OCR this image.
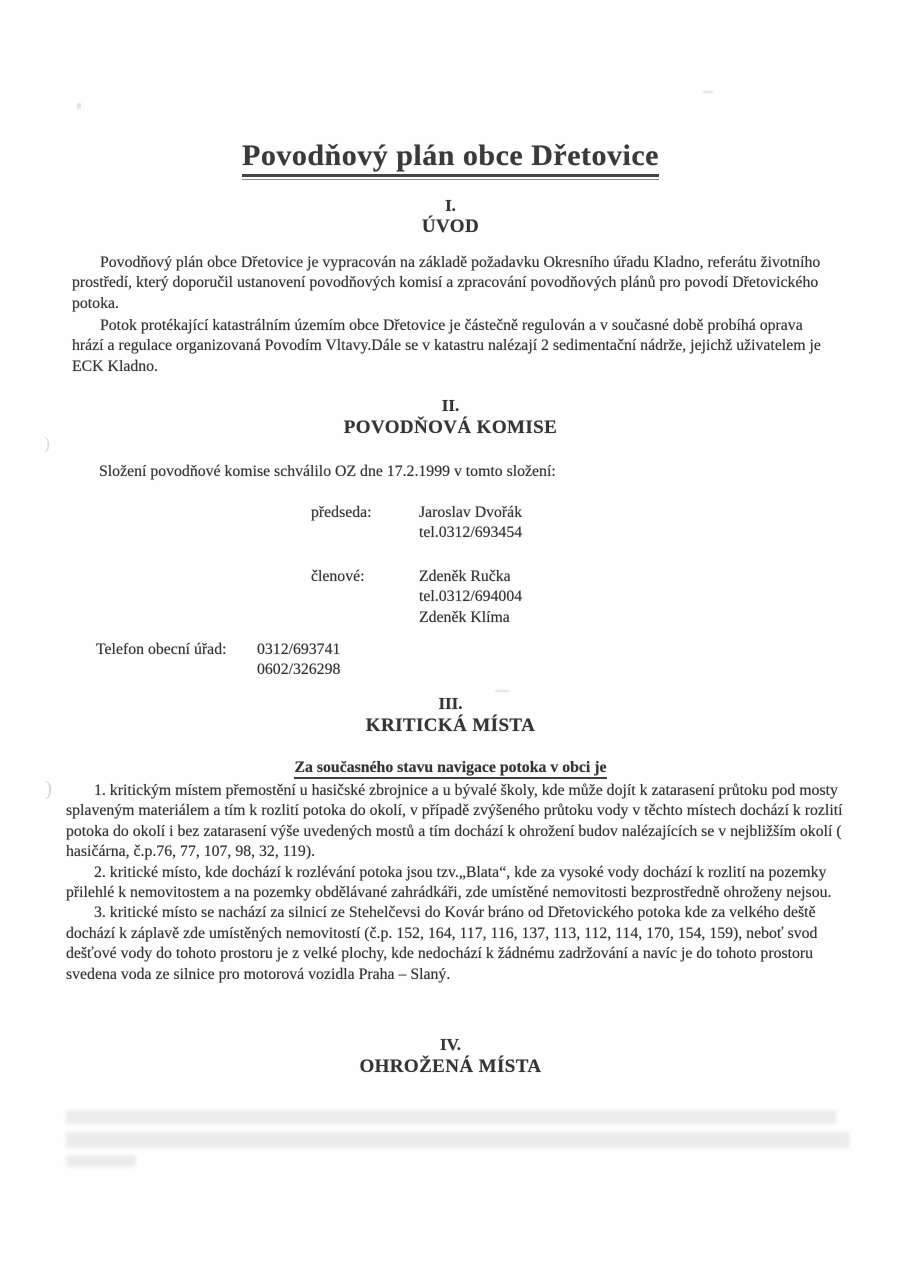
)
)
Povodňový plán obce Dřetovice
I.
ÚVOD

Povodňový plán obce Dřetovice je vypracován na základě požadavku Okresního úřadu Kladno, referátu životního prostředí, který doporučil ustanovení povodňových komisí a zpracování povodňových plánů pro povodí Dřetovického potoka.

Potok protékající katastrálním územím obce Dřetovice je částečně regulován a v současné době probíhá oprava hrází a regulace organizovaná Povodím Vltavy.Dále se v katastru nalézají 2 sedimentační nádrže, jejichž uživatelem je ECK Kladno.

II.
POVODŇOVÁ KOMISE

Složení povodňové komise schválilo OZ dne 17.2.1999 v tomto složení:

předseda:	Jaroslav Dvořák
tel.0312/693454
členové:	Zdeněk Ručka
tel.0312/694004
Zdeněk Klíma
Telefon obecní úřad: 0312/693741
0602/326298
III.
KRITICKÁ MÍSTA
Za současného stavu navigace potoka v obci je

1. kritickým místem přemostění u hasičské zbrojnice a u bývalé školy, kde může dojít k zatarasení průtoku pod mosty splaveným materiálem a tím k rozlití potoka do okolí, v případě zvýšeného průtoku vody v těchto místech dochází k rozlití potoka do okolí i bez zatarasení výše uvedených mostů a tím dochází k ohrožení budov nalézajících se v nejbližším okolí ( hasičárna, č.p.76, 77, 107, 98, 32, 119).

2. kritické místo, kde dochází k rozlévání potoka jsou tzv.„Blata“, kde za vysoké vody dochází k rozlití na pozemky přilehlé k nemovitostem a na pozemky obdělávané zahrádkáři, zde umístěné nemovitosti bezprostředně ohroženy nejsou.

3. kritické místo se nachází za silnicí ze Stehelčevsi do Kovár bráno od Dřetovického potoka kde za velkého deště dochází k záplavě zde umístěných nemovitostí (č.p. 152, 164, 117, 116, 137, 113, 112, 114, 170, 154, 159), neboť svod dešťové vody do tohoto prostoru je z velké plochy, kde nedochází k žádnému zadržování a navíc je do tohoto prostoru svedena voda ze silnice pro motorová vozidla Praha – Slaný.

IV.
OHROŽENÁ MÍSTA
